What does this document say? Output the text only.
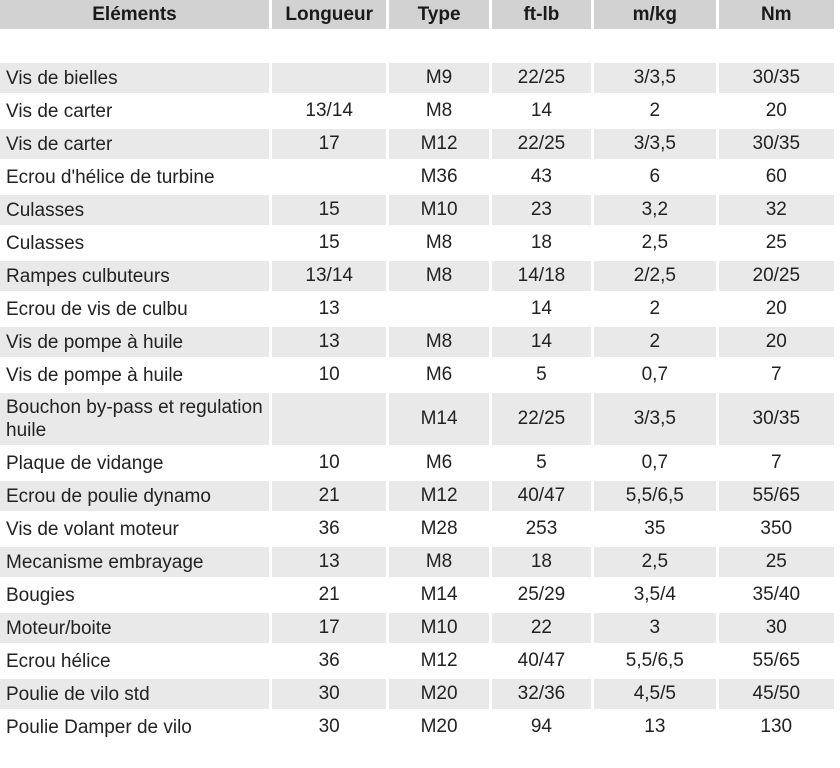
Eléments	Longueur	Type	ft-lb	m/kg	Nm

Vis de bielles		M9	22/25	3/3,5	30/35
Vis de carter	13/14	M8	14	2	20
Vis de carter	17	M12	22/25	3/3,5	30/35
Ecrou d'hélice de turbine		M36	43	6	60
Culasses	15	M10	23	3,2	32
Culasses	15	M8	18	2,5	25
Rampes culbuteurs	13/14	M8	14/18	2/2,5	20/25
Ecrou de vis de culbu	13		14	2	20
Vis de pompe à huile	13	M8	14	2	20
Vis de pompe à huile	10	M6	5	0,7	7
Bouchon by-pass et regulation huile		M14	22/25	3/3,5	30/35
Plaque de vidange	10	M6	5	0,7	7
Ecrou de poulie dynamo	21	M12	40/47	5,5/6,5	55/65
Vis de volant moteur	36	M28	253	35	350
Mecanisme embrayage	13	M8	18	2,5	25
Bougies	21	M14	25/29	3,5/4	35/40
Moteur/boite	17	M10	22	3	30
Ecrou hélice	36	M12	40/47	5,5/6,5	55/65
Poulie de vilo std	30	M20	32/36	4,5/5	45/50
Poulie Damper de vilo	30	M20	94	13	130
